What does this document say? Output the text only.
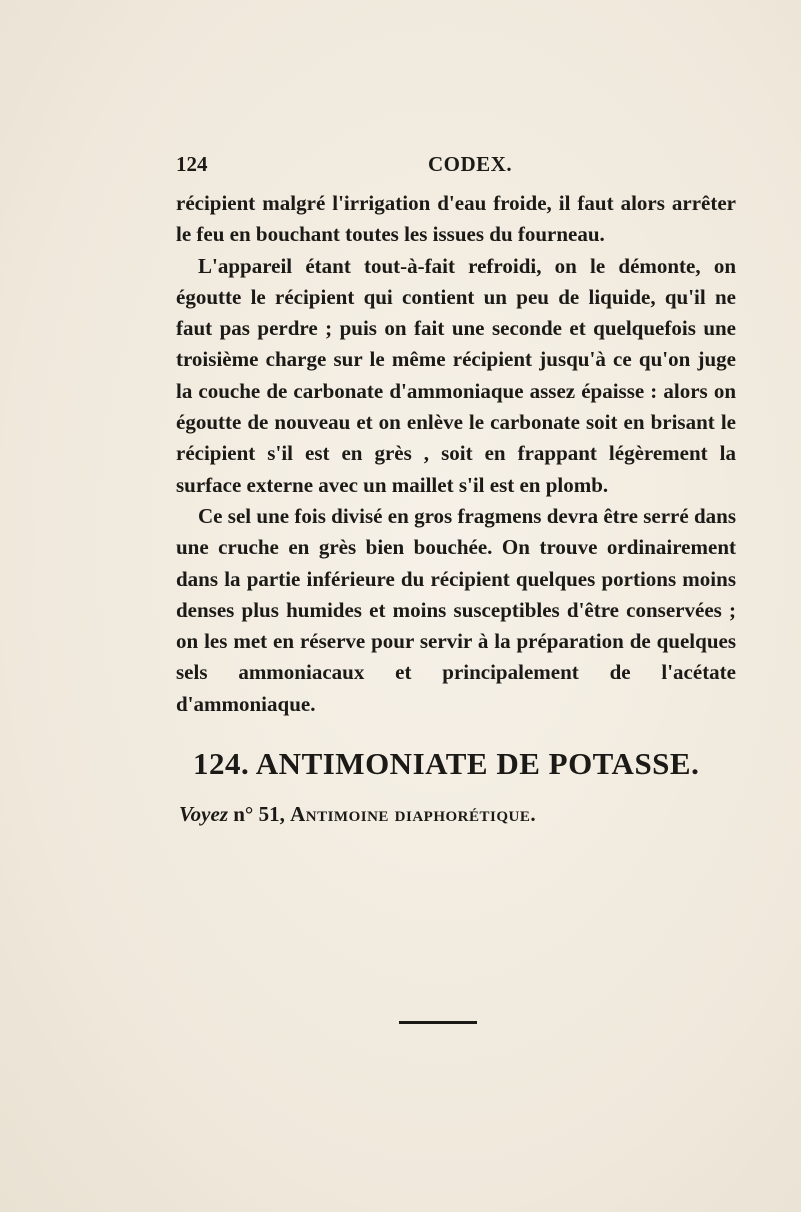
124	CODEX.

récipient malgré l'irrigation d'eau froide, il faut alors arrêter le feu en bouchant toutes les issues du fourneau.

L'appareil étant tout-à-fait refroidi, on le démonte, on égoutte le récipient qui contient un peu de liquide, qu'il ne faut pas perdre ; puis on fait une seconde et quelquefois une troisième charge sur le même récipient jusqu'à ce qu'on juge la couche de carbonate d'ammoniaque assez épaisse : alors on égoutte de nouveau et on enlève le carbonate soit en brisant le récipient s'il est en grès , soit en frappant légèrement la surface externe avec un maillet s'il est en plomb.

Ce sel une fois divisé en gros fragmens devra être serré dans une cruche en grès bien bouchée. On trouve ordinairement dans la partie inférieure du récipient quelques portions moins denses plus humides et moins susceptibles d'être conservées ; on les met en réserve pour servir à la préparation de quelques sels ammoniacaux et principalement de l'acétate d'ammoniaque.

124. ANTIMONIATE DE POTASSE.
Voyez n° 51, Antimoine diaphorétique.
